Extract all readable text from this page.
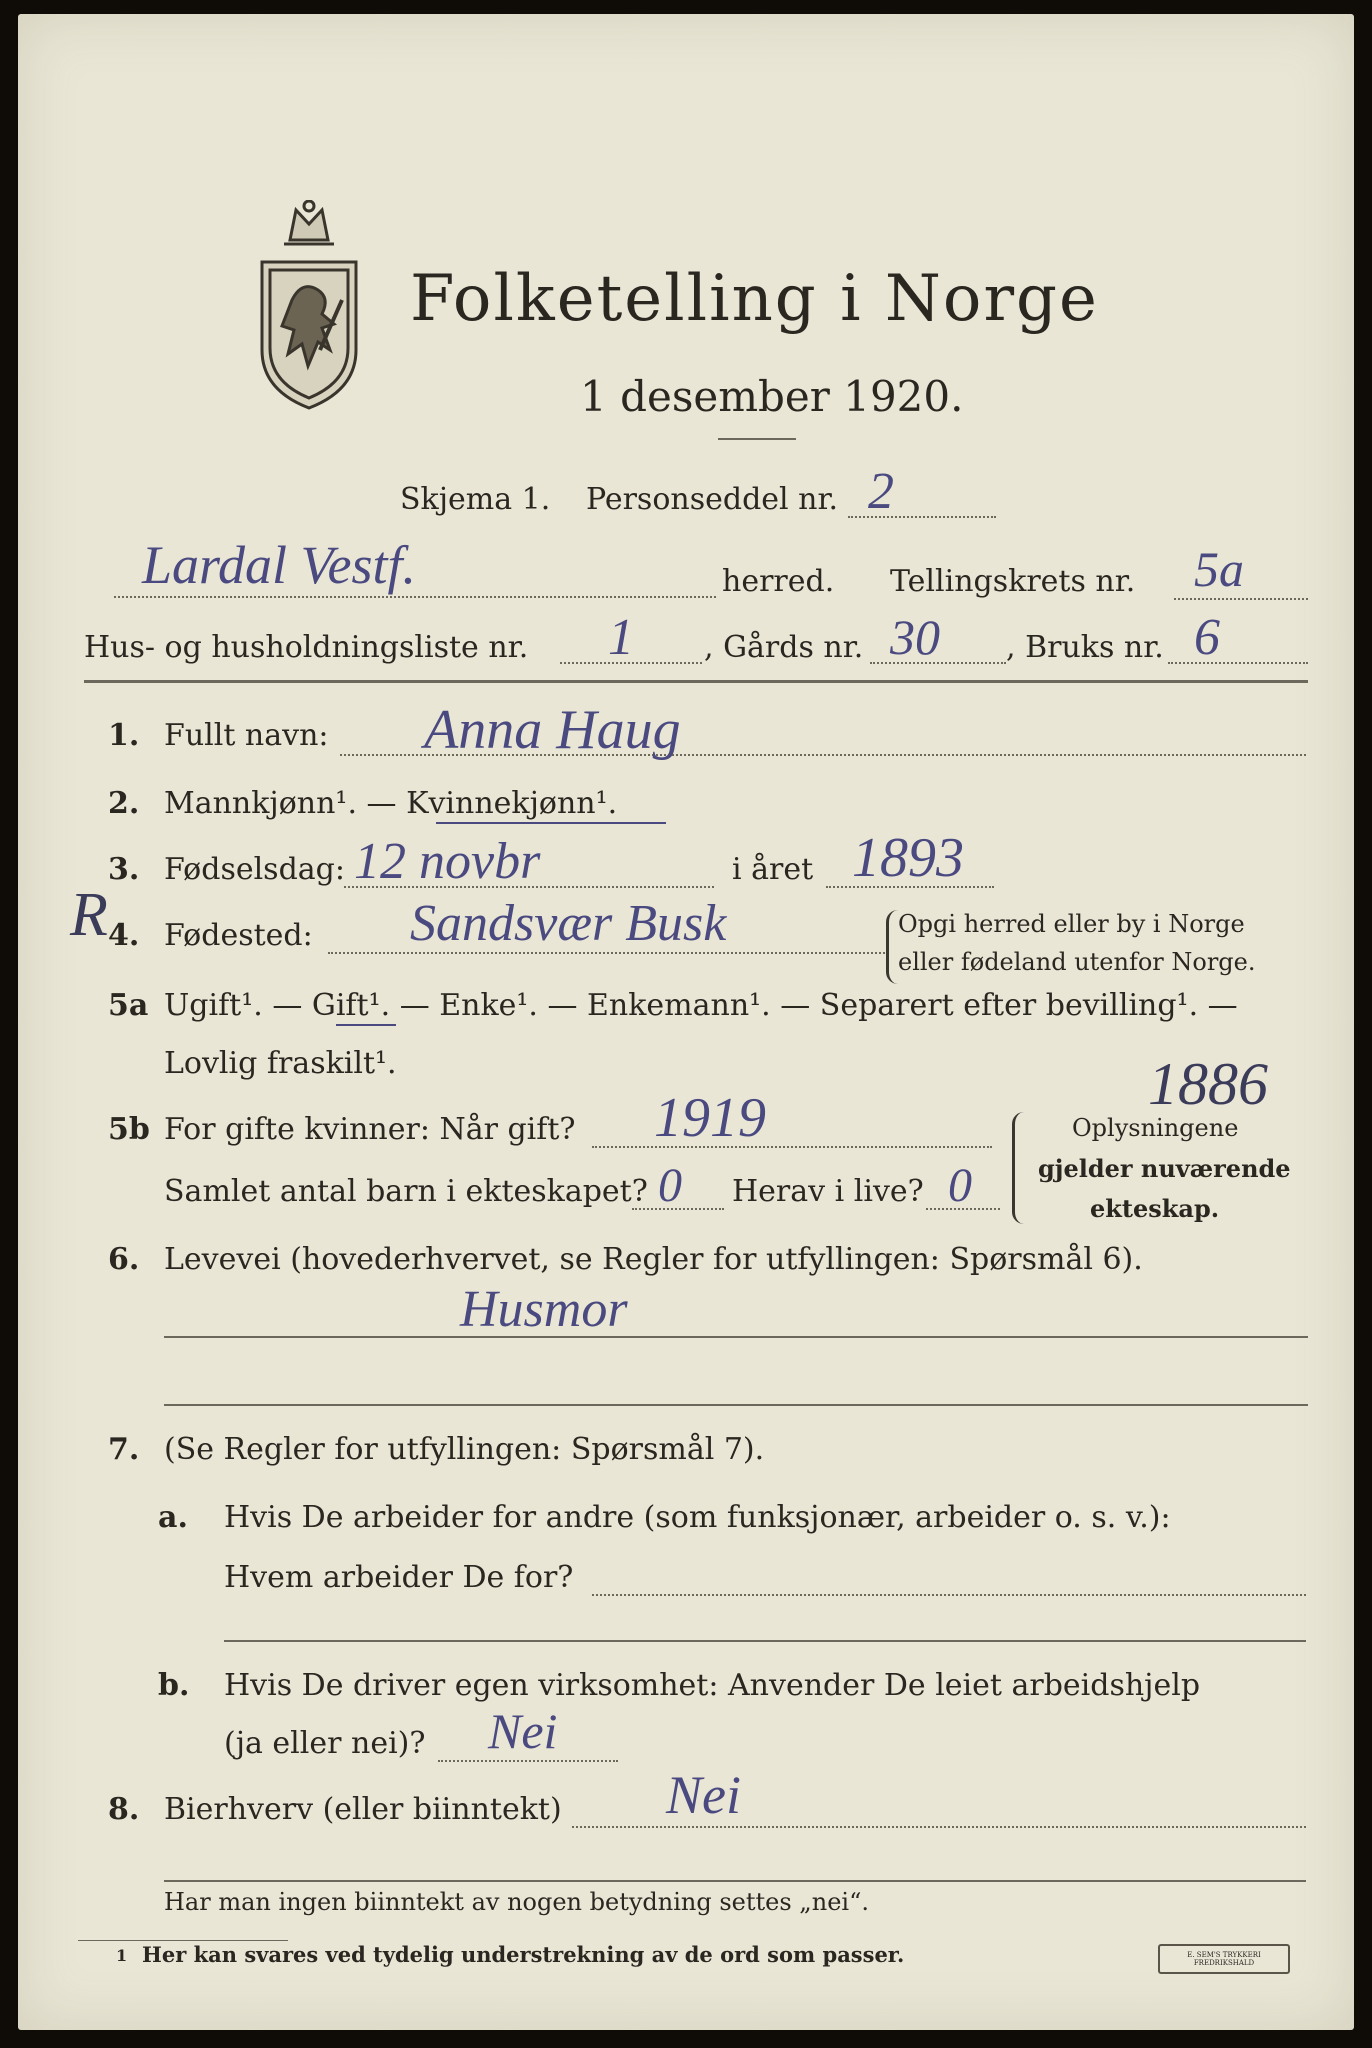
Folketelling i Norge
1 desember 1920.
Skjema 1. Personseddel nr. 2
Lardal Vestf.	herred. Tellingskrets nr. 5a
Hus- og husholdningsliste nr. 1 , Gårds nr. 30 , Bruks nr. 6
1. Fullt navn: Anna Haug
2. Mannkjønn¹. — Kvinnekjønn¹.
3. Fødselsdag: 12 novbr	i året 1893
R 4. Fødested: Sandsvær Busk	Opgi herred eller by i Norge
eller fødeland utenfor Norge.
5a Ugift¹. — Gift¹. — Enke¹. — Enkemann¹. — Separert efter bevilling¹. —
Lovlig fraskilt¹.	1886
5b For gifte kvinner: Når gift? 1919
Samlet antal barn i ekteskapet? 0 Herav i live? 0
Oplysningene
gjelder nuværende
ekteskap.
6. Levevei (hovederhvervet, se Regler for utfyllingen: Spørsmål 6).
Husmor
7. (Se Regler for utfyllingen: Spørsmål 7).
a. Hvis De arbeider for andre (som funksjonær, arbeider o. s. v.):
Hvem arbeider De for?
b. Hvis De driver egen virksomhet: Anvender De leiet arbeidshjelp
(ja eller nei)? Nei
8. Bierhverv (eller biinntekt) Nei
Har man ingen biinntekt av nogen betydning settes „nei“.
1 Her kan svares ved tydelig understrekning av de ord som passer.	E. SEM'S TRYKKERI FREDRIKSHALD
